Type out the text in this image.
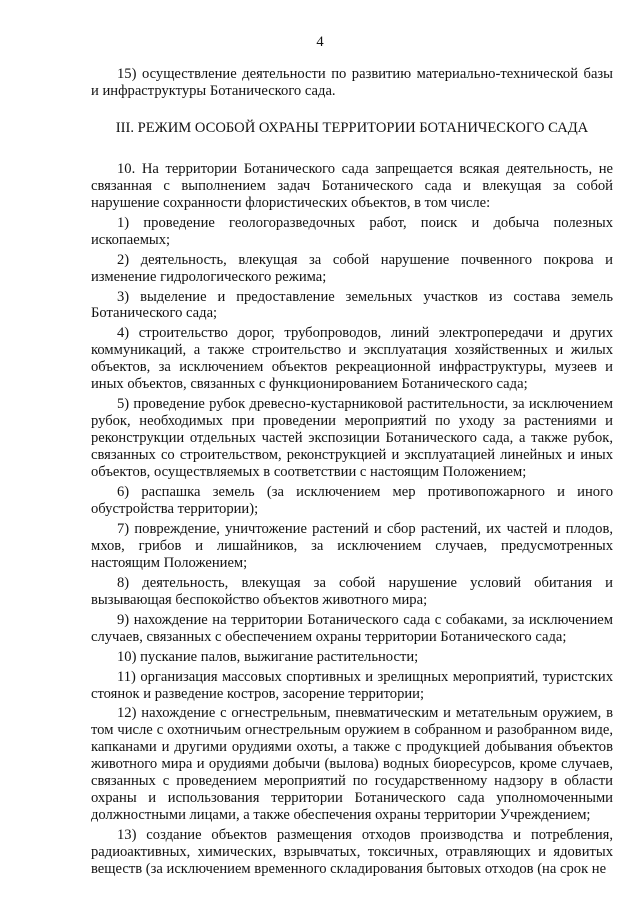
4

15) осуществление деятельности по развитию материально-технической базы и инфраструктуры Ботанического сада.

III. РЕЖИМ ОСОБОЙ ОХРАНЫ ТЕРРИТОРИИ БОТАНИЧЕСКОГО САДА

10. На территории Ботанического сада запрещается всякая деятельность, не связанная с выполнением задач Ботанического сада и влекущая за собой нарушение сохранности флористических объектов, в том числе:

1) проведение геологоразведочных работ, поиск и добыча полезных ископаемых;

2) деятельность, влекущая за собой нарушение почвенного покрова и изменение гидрологического режима;

3) выделение и предоставление земельных участков из состава земель Ботанического сада;

4) строительство дорог, трубопроводов, линий электропередачи и других коммуникаций, а также строительство и эксплуатация хозяйственных и жилых объектов, за исключением объектов рекреационной инфраструктуры, музеев и иных объектов, связанных с функционированием Ботанического сада;

5) проведение рубок древесно-кустарниковой растительности, за исключением рубок, необходимых при проведении мероприятий по уходу за растениями и реконструкции отдельных частей экспозиции Ботанического сада, а также рубок, связанных со строительством, реконструкцией и эксплуатацией линейных и иных объектов, осуществляемых в соответствии с настоящим Положением;

6) распашка земель (за исключением мер противопожарного и иного обустройства территории);

7) повреждение, уничтожение растений и сбор растений, их частей и плодов, мхов, грибов и лишайников, за исключением случаев, предусмотренных настоящим Положением;

8) деятельность, влекущая за собой нарушение условий обитания и вызывающая беспокойство объектов животного мира;

9) нахождение на территории Ботанического сада с собаками, за исключением случаев, связанных с обеспечением охраны территории Ботанического сада;

10) пускание палов, выжигание растительности;

11) организация массовых спортивных и зрелищных мероприятий, туристских стоянок и разведение костров, засорение территории;

12) нахождение с огнестрельным, пневматическим и метательным оружием, в том числе с охотничьим огнестрельным оружием в собранном и разобранном виде, капканами и другими орудиями охоты, а также с продукцией добывания объектов животного мира и орудиями добычи (вылова) водных биоресурсов, кроме случаев, связанных с проведением мероприятий по государственному надзору в области охраны и использования территории Ботанического сада уполномоченными должностными лицами, а также обеспечения охраны территории Учреждением;

13) создание объектов размещения отходов производства и потребления, радиоактивных, химических, взрывчатых, токсичных, отравляющих и ядовитых веществ (за исключением временного складирования бытовых отходов (на срок не
